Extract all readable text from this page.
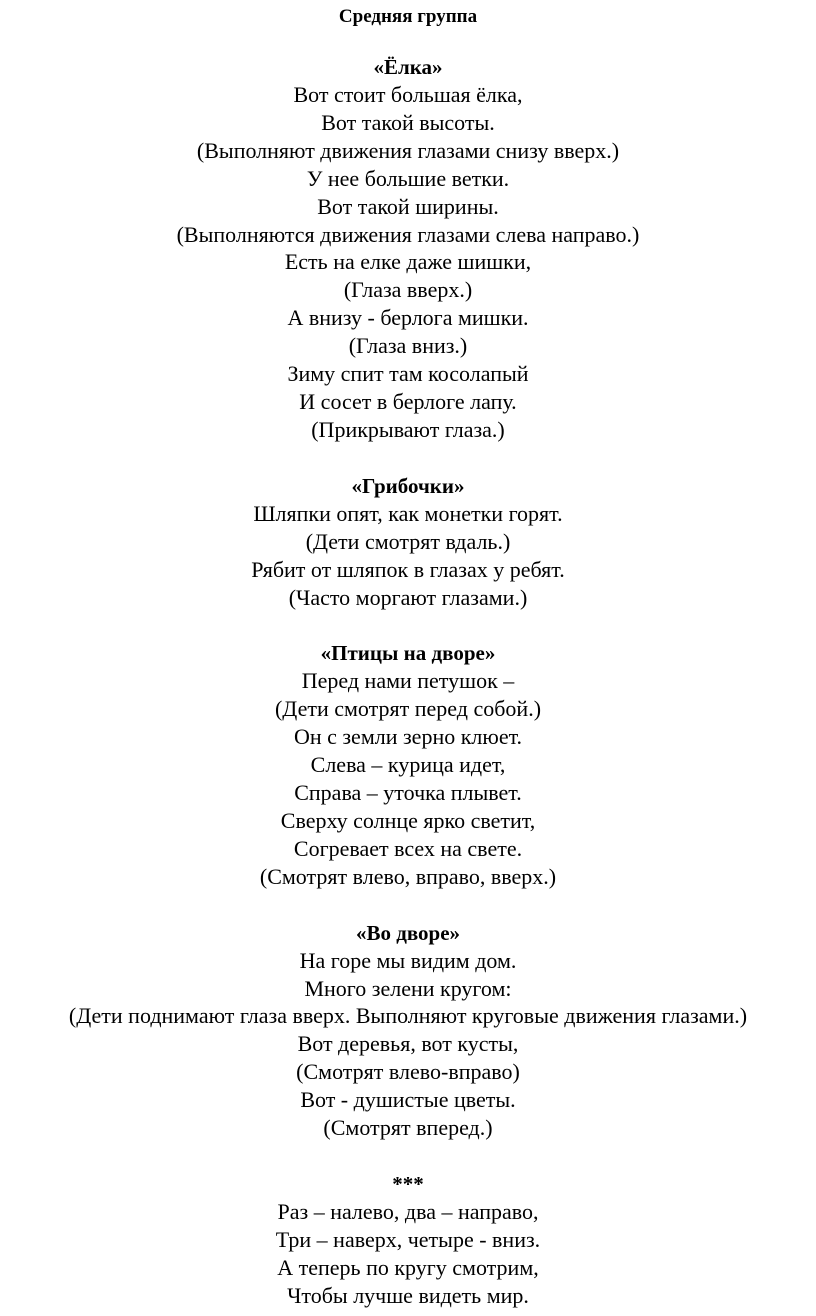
Средняя группа
«Ёлка»
Вот стоит большая ёлка,
Вот такой высоты.
(Выполняют движения глазами снизу вверх.)
У нее большие ветки.
Вот такой ширины.
(Выполняются движения глазами слева направо.)
Есть на елке даже шишки,
(Глаза вверх.)
А внизу - берлога мишки.
(Глаза вниз.)
Зиму спит там косолапый
И сосет в берлоге лапу.
(Прикрывают глаза.)
«Грибочки»
Шляпки опят, как монетки горят.
(Дети смотрят вдаль.)
Рябит от шляпок в глазах у ребят.
(Часто моргают глазами.)
«Птицы на дворе»
Перед нами петушок –
(Дети смотрят перед собой.)
Он с земли зерно клюет.
Слева – курица идет,
Справа – уточка плывет.
Сверху солнце ярко светит,
Согревает всех на свете.
(Смотрят влево, вправо, вверх.)
«Во дворе»
На горе мы видим дом.
Много зелени кругом:
(Дети поднимают глаза вверх. Выполняют круговые движения глазами.)
Вот деревья, вот кусты,
(Смотрят влево-вправо)
Вот - душистые цветы.
(Смотрят вперед.)
***
Раз – налево, два – направо,
Три – наверх, четыре - вниз.
А теперь по кругу смотрим,
Чтобы лучше видеть мир.
